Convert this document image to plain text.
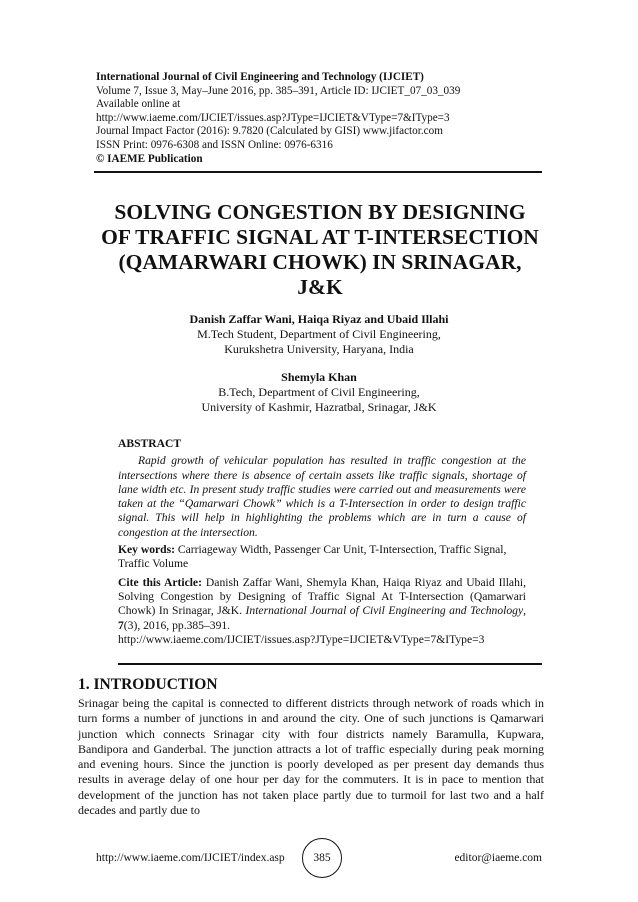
International Journal of Civil Engineering and Technology (IJCIET)
Volume 7, Issue 3, May–June 2016, pp. 385–391, Article ID: IJCIET_07_03_039
Available online at
http://www.iaeme.com/IJCIET/issues.asp?JType=IJCIET&VType=7&IType=3
Journal Impact Factor (2016): 9.7820 (Calculated by GISI) www.jifactor.com
ISSN Print: 0976-6308 and ISSN Online: 0976-6316
© IAEME Publication
SOLVING CONGESTION BY DESIGNING
OF TRAFFIC SIGNAL AT T-INTERSECTION
(QAMARWARI CHOWK) IN SRINAGAR,
J&K
Danish Zaffar Wani, Haiqa Riyaz and Ubaid Illahi
M.Tech Student, Department of Civil Engineering,
Kurukshetra University, Haryana, India
Shemyla Khan
B.Tech, Department of Civil Engineering,
University of Kashmir, Hazratbal, Srinagar, J&K
ABSTRACT

Rapid growth of vehicular population has resulted in traffic congestion at the intersections where there is absence of certain assets like traffic signals, shortage of lane width etc. In present study traffic studies were carried out and measurements were taken at the “Qamarwari Chowk” which is a T-Intersection in order to design traffic signal. This will help in highlighting the problems which are in turn a cause of congestion at the intersection.

Key words: Carriageway Width, Passenger Car Unit, T-Intersection, Traffic Signal, Traffic Volume

Cite this Article: Danish Zaffar Wani, Shemyla Khan, Haiqa Riyaz and Ubaid Illahi, Solving Congestion by Designing of Traffic Signal At T-Intersection (Qamarwari Chowk) In Srinagar, J&K. International Journal of Civil Engineering and Technology, 7(3), 2016, pp.385–391.

http://www.iaeme.com/IJCIET/issues.asp?JType=IJCIET&VType=7&IType=3

1. INTRODUCTION

Srinagar being the capital is connected to different districts through network of roads which in turn forms a number of junctions in and around the city. One of such junctions is Qamarwari junction which connects Srinagar city with four districts namely Baramulla, Kupwara, Bandipora and Ganderbal. The junction attracts a lot of traffic especially during peak morning and evening hours. Since the junction is poorly developed as per present day demands thus results in average delay of one hour per day for the commuters. It is in pace to mention that development of the junction has not taken place partly due to turmoil for last two and a half decades and partly due to

http://www.iaeme.com/IJCIET/index.asp	385	editor@iaeme.com
